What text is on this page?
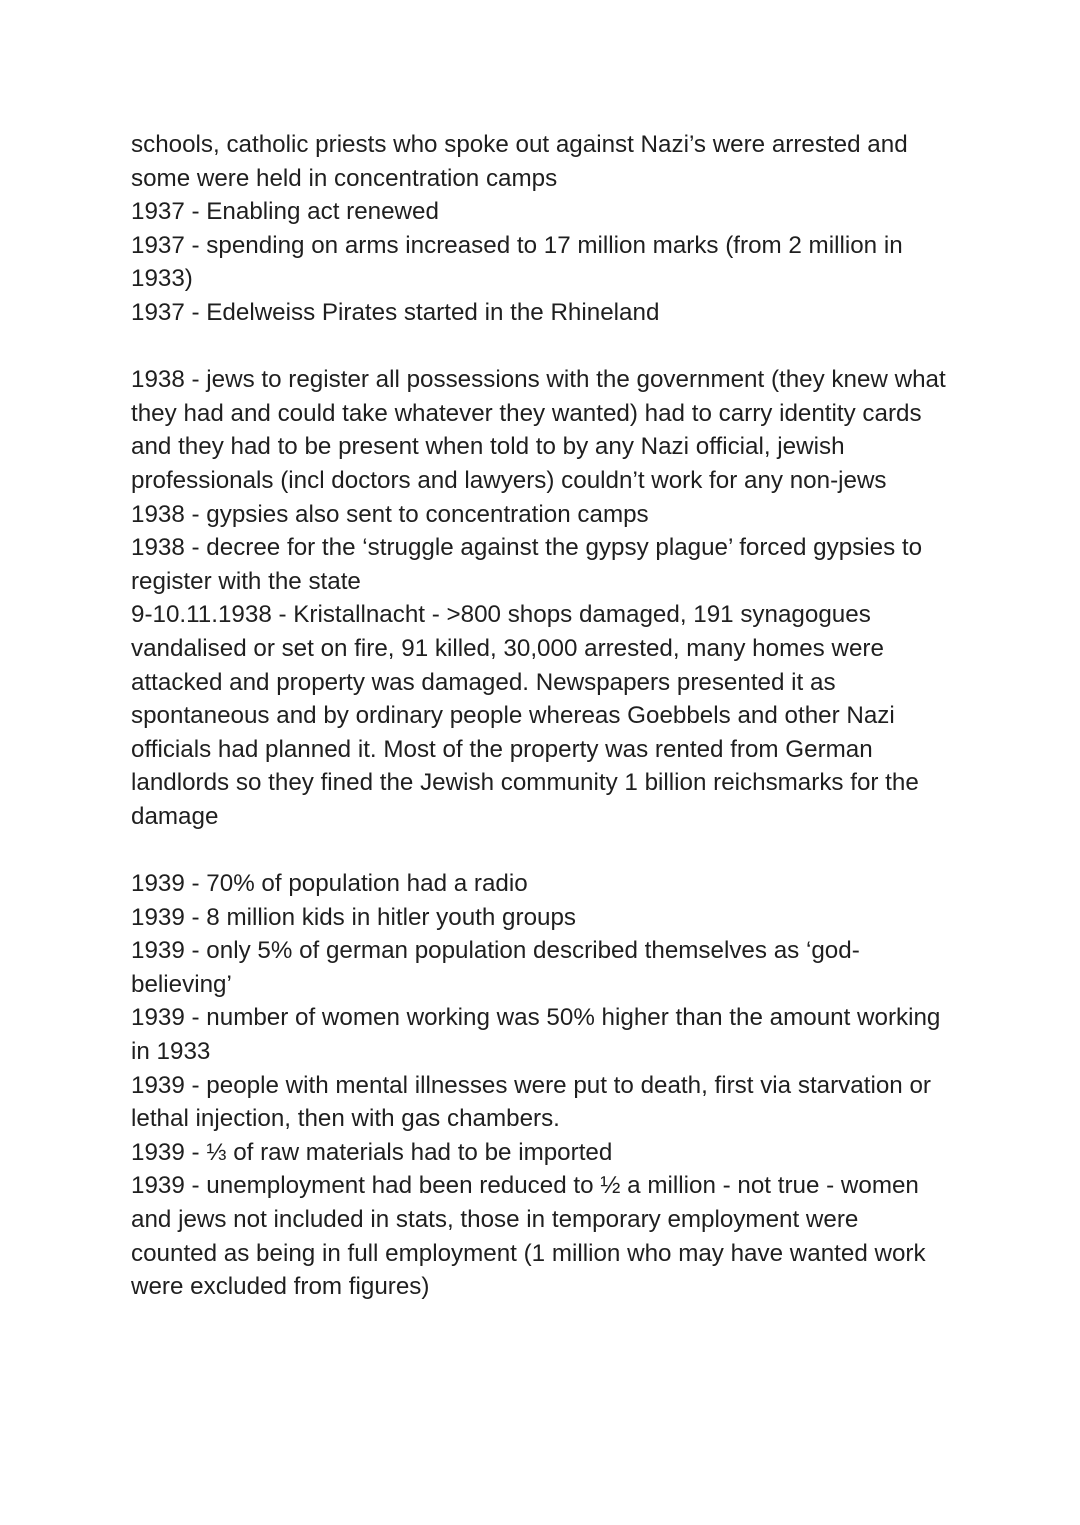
schools, catholic priests who spoke out against Nazi’s were arrested and some were held in concentration camps

1937 - Enabling act renewed

1937 - spending on arms increased to 17 million marks (from 2 million in 1933)

1937 - Edelweiss Pirates started in the Rhineland

1938 - jews to register all possessions with the government (they knew what they had and could take whatever they wanted) had to carry identity cards and they had to be present when told to by any Nazi official, jewish professionals (incl doctors and lawyers) couldn’t work for any non-jews

1938 - gypsies also sent to concentration camps

1938 - decree for the ‘struggle against the gypsy plague’ forced gypsies to register with the state

9-10.11.1938 - Kristallnacht - >800 shops damaged, 191 synagogues vandalised or set on fire, 91 killed, 30,000 arrested, many homes were attacked and property was damaged. Newspapers presented it as spontaneous and by ordinary people whereas Goebbels and other Nazi officials had planned it. Most of the property was rented from German landlords so they fined the Jewish community 1 billion reichsmarks for the damage

1939 - 70% of population had a radio

1939 - 8 million kids in hitler youth groups

1939 - only 5% of german population described themselves as ‘god-believing’

1939 - number of women working was 50% higher than the amount working in 1933

1939 - people with mental illnesses were put to death, first via starvation or lethal injection, then with gas chambers.

1939 - ⅓ of raw materials had to be imported

1939 - unemployment had been reduced to ½ a million - not true - women and jews not included in stats, those in temporary employment were counted as being in full employment (1 million who may have wanted work were excluded from figures)
